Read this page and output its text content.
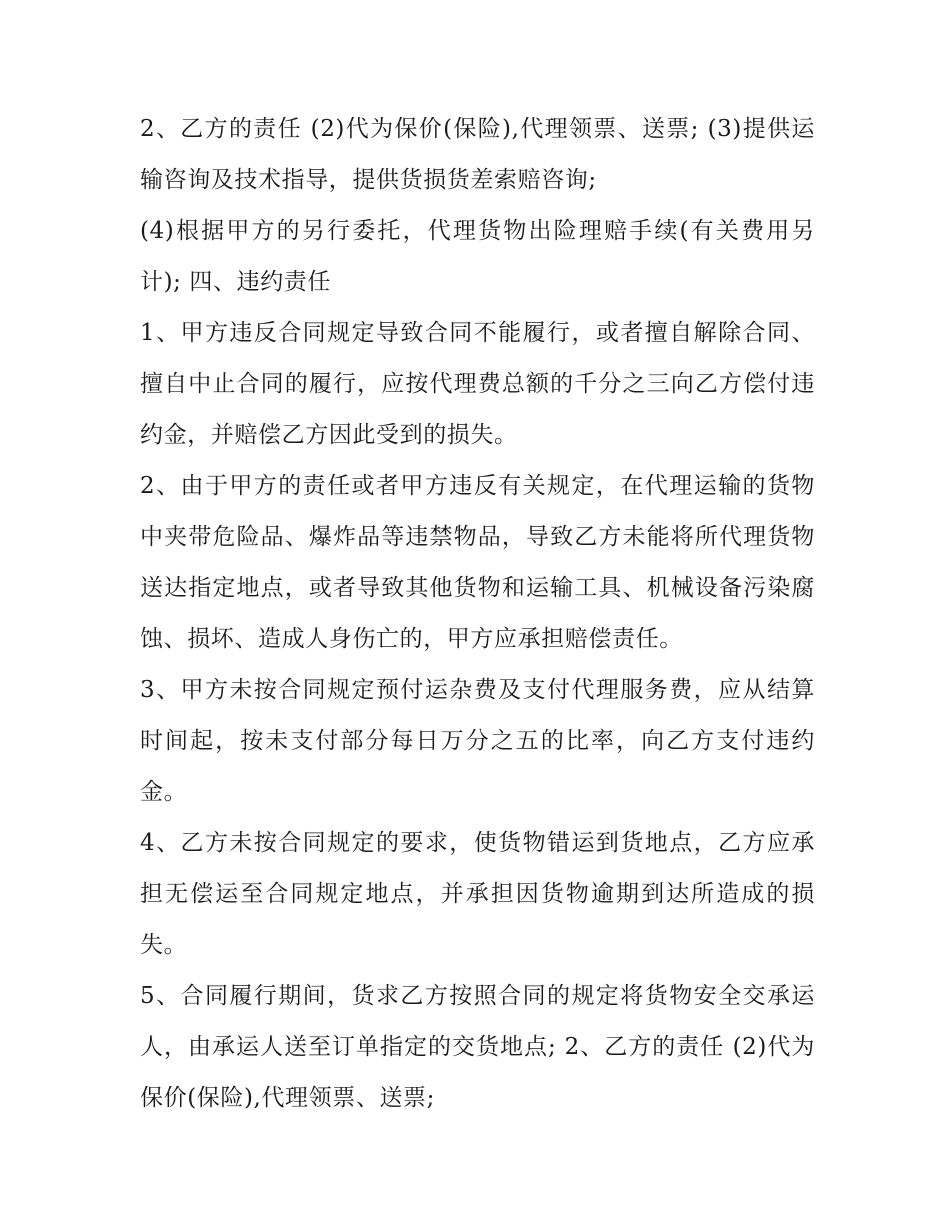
2、乙方的责任 (2)代为保价(保险),代理领票、送票; (3)提供运输咨询及技术指导，提供货损货差索赔咨询;

(4)根据甲方的另行委托，代理货物出险理赔手续(有关费用另计); 四、违约责任

1、甲方违反合同规定导致合同不能履行，或者擅自解除合同、擅自中止合同的履行，应按代理费总额的千分之三向乙方偿付违约金，并赔偿乙方因此受到的损失。

2、由于甲方的责任或者甲方违反有关规定，在代理运输的货物中夹带危险品、爆炸品等违禁物品，导致乙方未能将所代理货物送达指定地点，或者导致其他货物和运输工具、机械设备污染腐蚀、损坏、造成人身伤亡的，甲方应承担赔偿责任。

3、甲方未按合同规定预付运杂费及支付代理服务费，应从结算时间起，按未支付部分每日万分之五的比率，向乙方支付违约金。

4、乙方未按合同规定的要求，使货物错运到货地点，乙方应承担无偿运至合同规定地点，并承担因货物逾期到达所造成的损失。

5、合同履行期间，货求乙方按照合同的规定将货物安全交承运人，由承运人送至订单指定的交货地点; 2、乙方的责任 (2)代为保价(保险),代理领票、送票;
